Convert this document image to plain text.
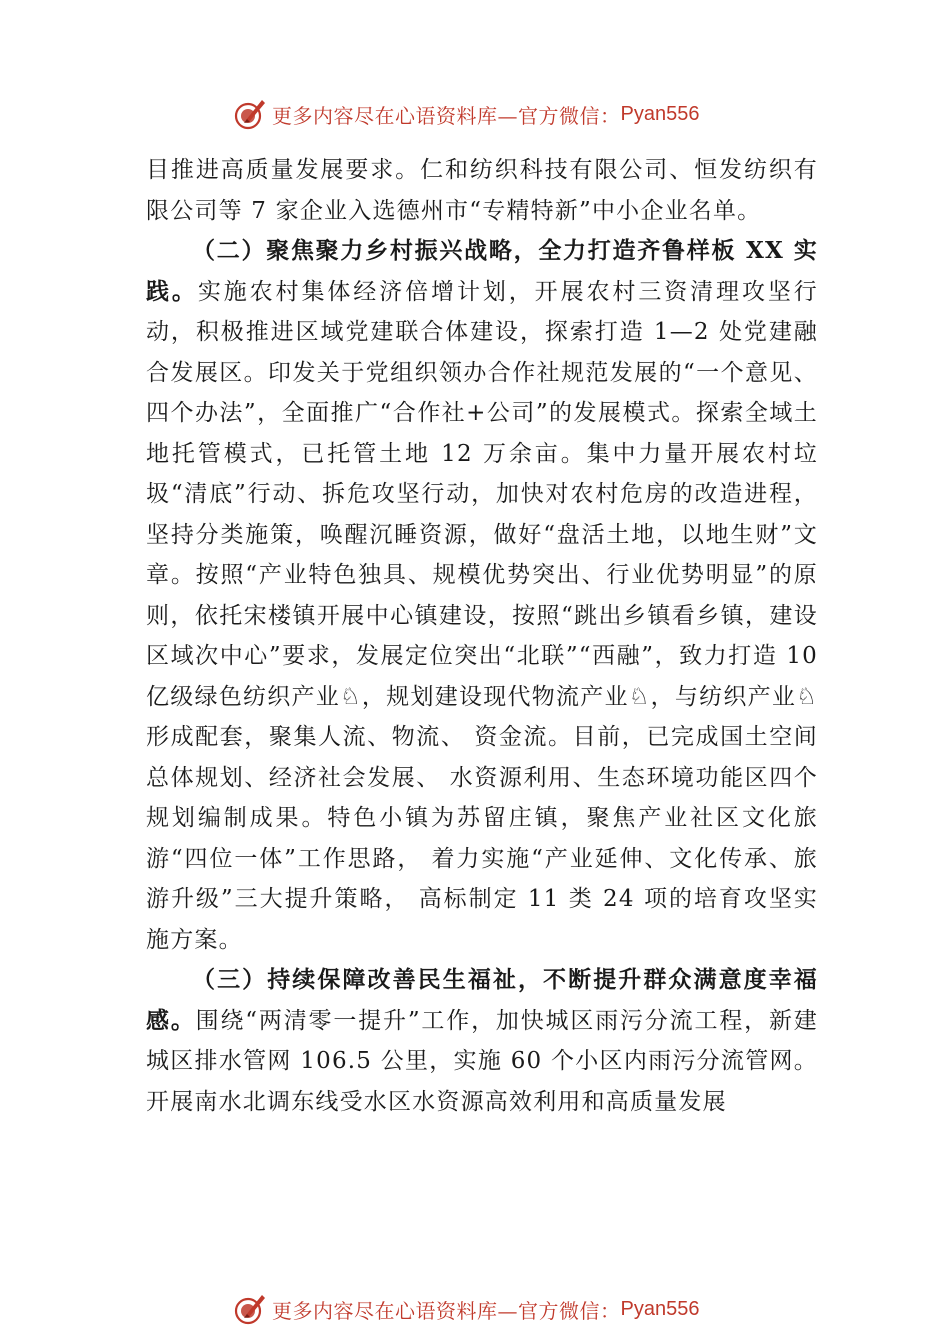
更多内容尽在心语资料库—官方微信： Pyan556

目推进高质量发展要求。仁和纺织科技有限公司、恒发纺织有限公司等 7 家企业入选德州市“专精特新”中小企业名单。

（二）聚焦聚力乡村振兴战略，全力打造齐鲁样板 XX 实践。实施农村集体经济倍增计划，开展农村三资清理攻坚行动，积极推进区域党建联合体建设，探索打造 1—2 处党建融合发展区。印发关于党组织领办合作社规范发展的“一个意见、四个办法”，全面推广“合作社+公司”的发展模式。探索全域土地托管模式，已托管土地 12 万余亩。集中力量开展农村垃圾“清底”行动、拆危攻坚行动，加快对农村危房的改造进程，坚持分类施策，唤醒沉睡资源，做好“盘活土地，以地生财”文章。按照“产业特色独具、规模优势突出、行业优势明显”的原则，依托宋楼镇开展中心镇建设，按照“跳出乡镇看乡镇，建设区域次中心”要求，发展定位突出“北联”“西融”，致力打造 10 亿级绿色纺织产业♘，规划建设现代物流产业♘，与纺织产业♘形成配套，聚集人流、物流、 资金流。目前，已完成国土空间总体规划、经济社会发展、 水资源利用、生态环境功能区四个规划编制成果。特色小镇为苏留庄镇，聚焦产业社区文化旅游“四位一体”工作思路， 着力实施“产业延伸、文化传承、旅游升级”三大提升策略， 高标制定 11 类 24 项的培育攻坚实施方案。

（三）持续保障改善民生福祉，不断提升群众满意度幸福感。围绕“两清零一提升”工作，加快城区雨污分流工程，新建城区排水管网 106.5 公里，实施 60 个小区内雨污分流管网。开展南水北调东线受水区水资源高效利用和高质量发展

更多内容尽在心语资料库—官方微信： Pyan556
